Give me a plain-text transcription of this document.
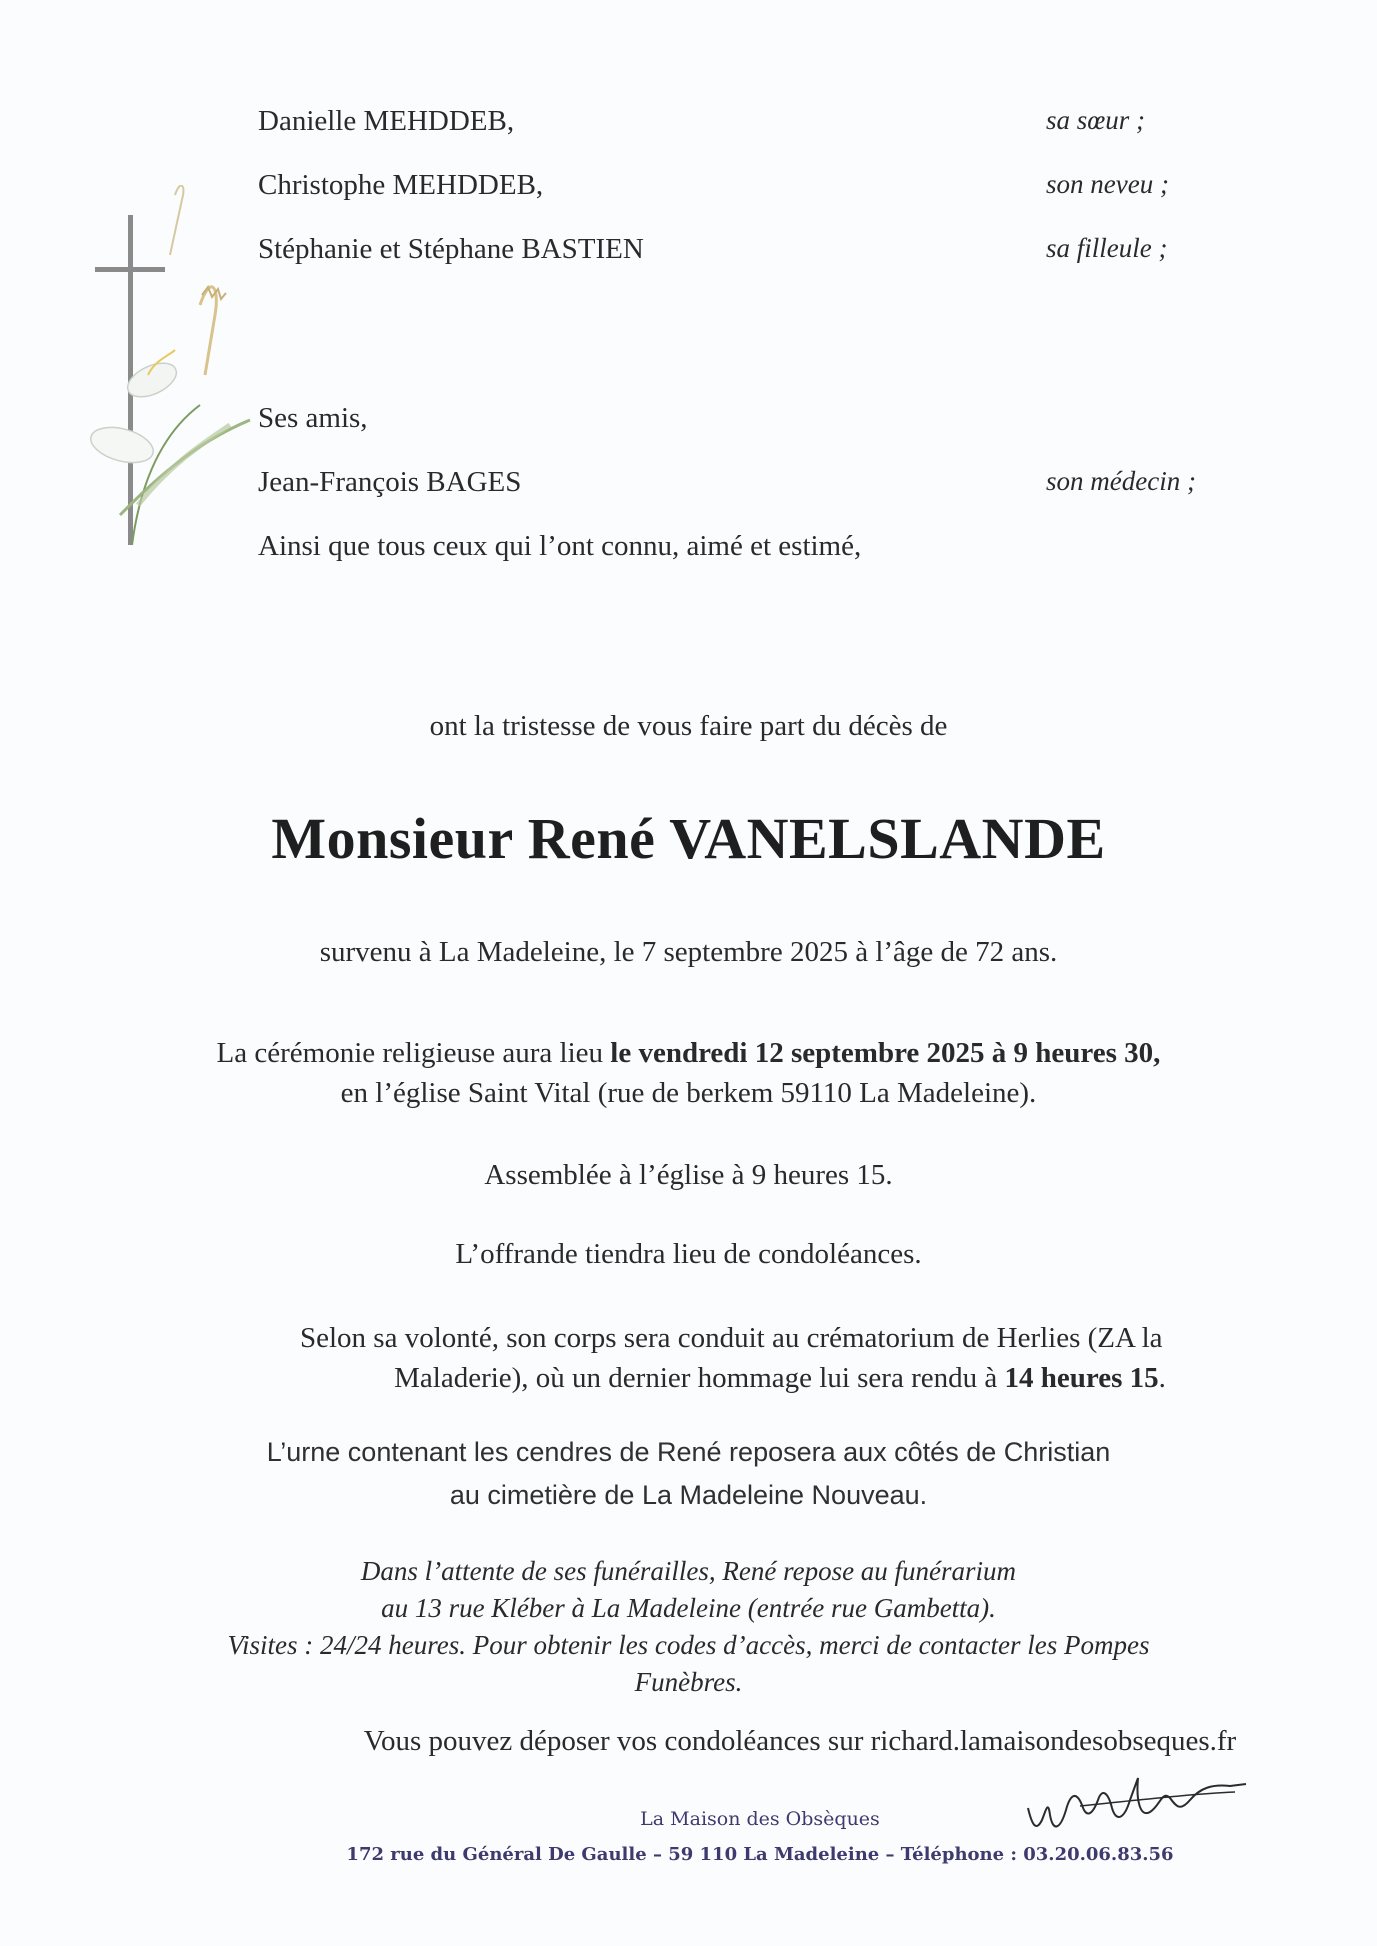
Danielle MEHDDEB,	sa sœur ;
Christophe MEHDDEB,	son neveu ;
Stéphanie et Stéphane BASTIEN	sa filleule ;
Ses amis,
Jean-François BAGES	son médecin ;
Ainsi que tous ceux qui l’ont connu, aimé et estimé,
ont la tristesse de vous faire part du décès de
Monsieur René VANELSLANDE
survenu à La Madeleine, le 7 septembre 2025 à l’âge de 72 ans.
La cérémonie religieuse aura lieu le vendredi 12 septembre 2025 à 9 heures 30,
en l’église Saint Vital (rue de berkem 59110 La Madeleine).
Assemblée à l’église à 9 heures 15.
L’offrande tiendra lieu de condoléances.
Selon sa volonté, son corps sera conduit au crématorium de Herlies (ZA la
Maladerie), où un dernier hommage lui sera rendu à 14 heures 15.
L’urne contenant les cendres de René reposera aux côtés de Christian
au cimetière de La Madeleine Nouveau.
Dans l’attente de ses funérailles, René repose au funérarium
au 13 rue Kléber à La Madeleine (entrée rue Gambetta).
Visites : 24/24 heures. Pour obtenir les codes d’accès, merci de contacter les Pompes
Funèbres.
Vous pouvez déposer vos condoléances sur richard.lamaisondesobseques.fr
La Maison des Obsèques
172 rue du Général De Gaulle – 59 110 La Madeleine – Téléphone : 03.20.06.83.56
